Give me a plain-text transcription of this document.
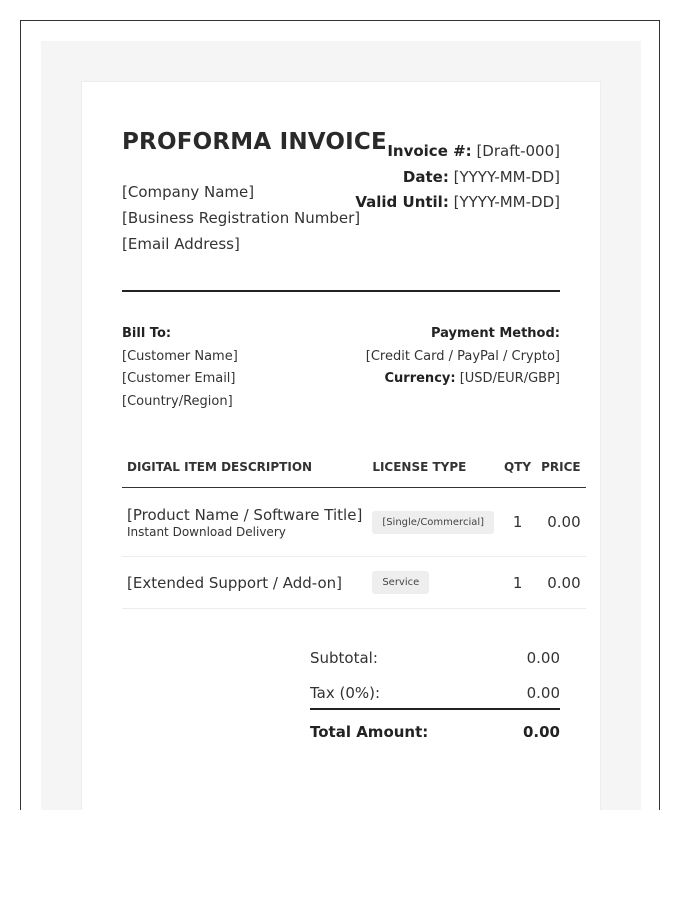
PROFORMA INVOICE
[Company Name]
[Business Registration Number]
[Email Address]
Invoice #: [Draft-000]
Date: [YYYY-MM-DD]
Valid Until: [YYYY-MM-DD]
Bill To:
[Customer Name]
[Customer Email]
[Country/Region]
Payment Method:
[Credit Card / PayPal / Crypto]
Currency: [USD/EUR/GBP]
DIGITAL ITEM DESCRIPTION	LICENSE TYPE	QTY	PRICE

[Product Name / Software Title]
Instant Download Delivery	[Single/Commercial]	1	0.00

[Extended Support / Add-on]	Service	1	0.00
Subtotal:	0.00
Tax (0%):	0.00
Total Amount:	0.00
